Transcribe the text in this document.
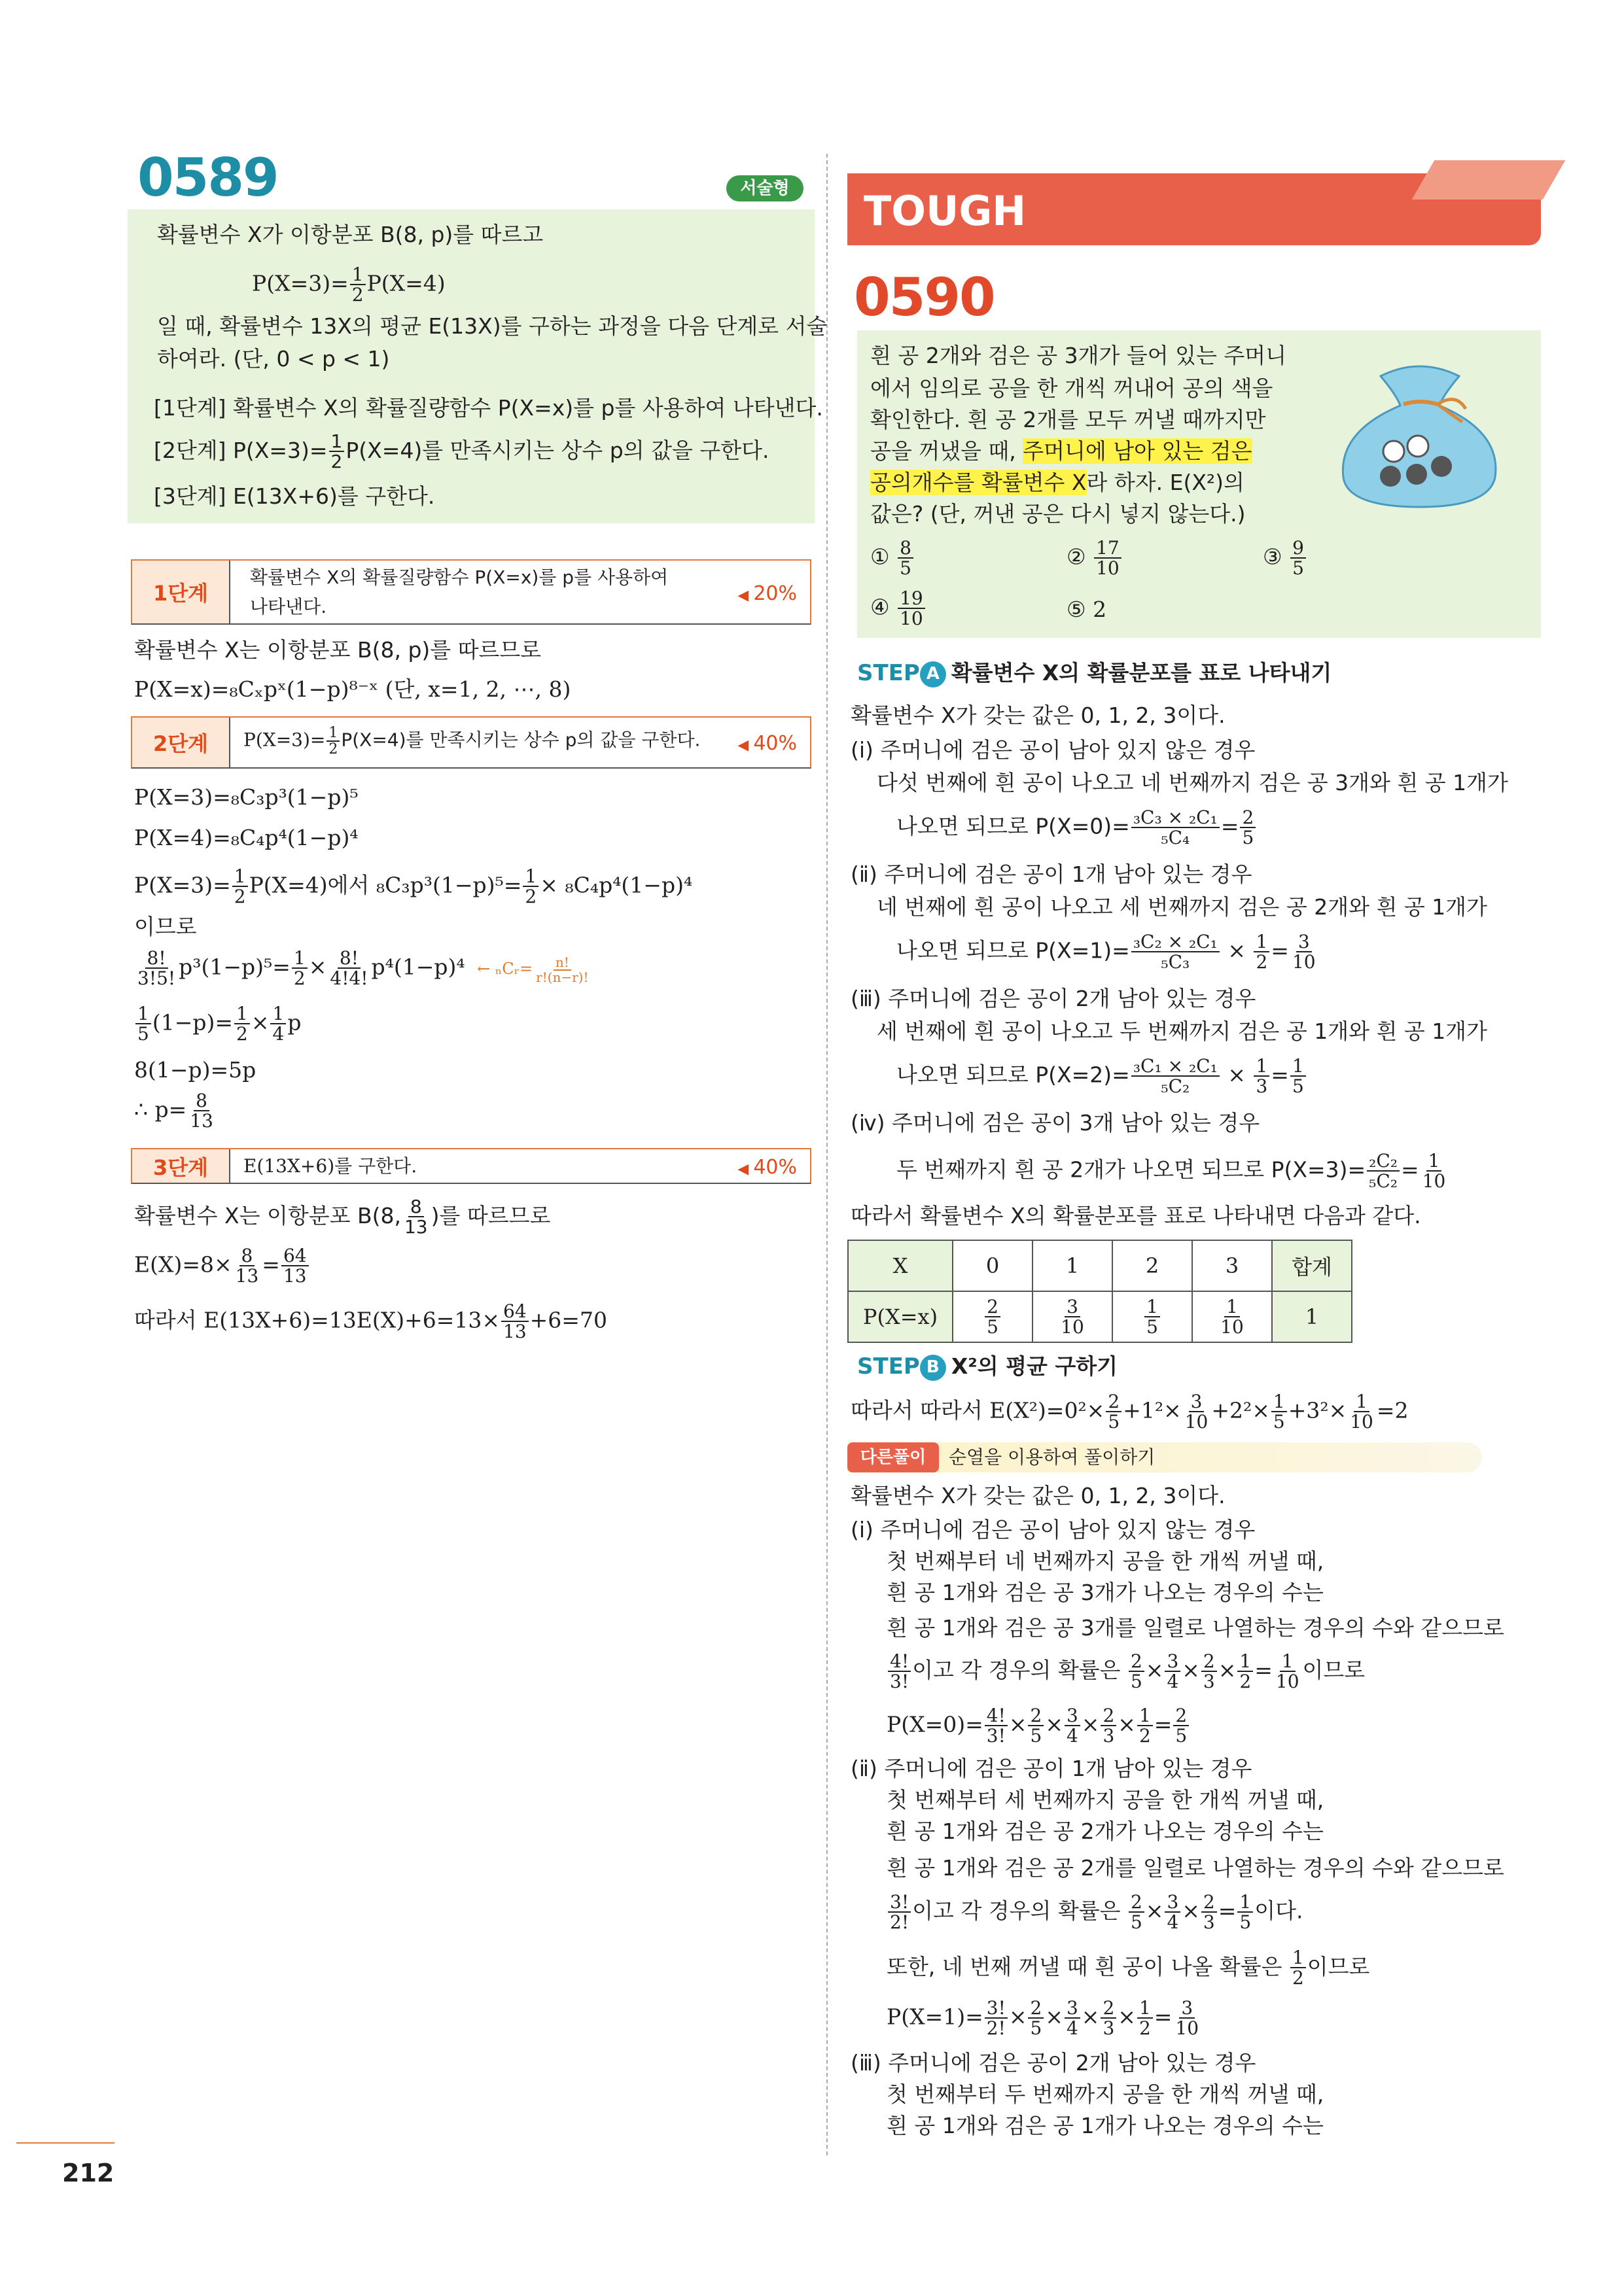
0589	서술형
확률변수 X가 이항분포 B(8, p)를 따르고
$P(X=3)= \frac{1}{2} P(X=4)$
일 때, 확률변수 13X의 평균 E(13X)를 구하는 과정을 다음 단계로 서술
하여라. (단, 0 < p < 1)
[1단계] 확률변수 X의 확률질량함수 P(X=x)를 p를 사용하여 나타낸다.
[2단계] $P(X=3)= \frac{1}{2} P(X=4)$를 만족시키는 상수 p의 값을 구한다.
[3단계] E(13X+6)를 구한다.
1단계
확률변수 X의 확률질량함수 P(X=x)를 p를 사용하여
나타낸다.
◀ 20%
확률변수 X는 이항분포 B(8, p)를 따르므로
P(X=x)=₈Cₓpˣ(1−p)⁸⁻ˣ (단, x=1, 2, ⋯, 8)
2단계	$P(X=3)= \frac{1}{2} P(X=4)$를 만족시키는 상수 p의 값을 구한다.	◀ 40%
P(X=3)=₈C₃p³(1−p)⁵
P(X=4)=₈C₄p⁴(1−p)⁴
$P(X=3)= \frac{1}{2} P(X=4)$에서 $_8C_3p^3(1-p)^5= \frac{1}{2} \times _8C_4p^4(1-p)^4$
이므로
$\frac{8!}{3!5!} p^3(1-p)^5= \frac{1}{2} \times \frac{8!}{4!4!} p^4(1-p)^4$ ← ₙCᵣ= $\frac{n!}{r!(n-r)!}$
$\frac{1}{5} (1-p)= \frac{1}{2} \times \frac{1}{4}$ p
8(1−p)=5p
∴ $p= \frac{8}{13}$
3단계	E(13X+6)를 구한다.	◀ 40%
확률변수 X는 이항분포 B(8, $\frac{8}{13}$ )를 따르므로
$E(X)=8\times \frac{8}{13} = \frac{64}{13}$
따라서 $E(13X+6)=13E(X)+6=13\times \frac{64}{13} +6=70$
212
TOUGH
0590
흰 공 2개와 검은 공 3개가 들어 있는 주머니
에서 임의로 공을 한 개씩 꺼내어 공의 색을
확인한다. 흰 공 2개를 모두 꺼낼 때까지만
공을 꺼냈을 때, 주머니에 남아 있는 검은
공의개수를 확률변수 X라 하자. E(X²)의
값은? (단, 꺼낸 공은 다시 넣지 않는다.)
① $\frac{8}{5}$	② $\frac{17}{10}$	③ $\frac{9}{5}$
④ $\frac{19}{10}$	⑤ 2
STEP A 확률변수 X의 확률분포를 표로 나타내기
확률변수 X가 갖는 값은 0, 1, 2, 3이다.
(ⅰ) 주머니에 검은 공이 남아 있지 않은 경우
다섯 번째에 흰 공이 나오고 네 번째까지 검은 공 3개와 흰 공 1개가
나오면 되므로 $P(X=0)= \frac{\text{₃C₃ × ₂C₁}}{\text{₅C₄}} = \frac{2}{5}$
(ⅱ) 주머니에 검은 공이 1개 남아 있는 경우
네 번째에 흰 공이 나오고 세 번째까지 검은 공 2개와 흰 공 1개가
나오면 되므로 $P(X=1)= \frac{\text{₃C₂ × ₂C₁}}{\text{₅C₃}} \times \frac{1}{2} = \frac{3}{10}$
(ⅲ) 주머니에 검은 공이 2개 남아 있는 경우
세 번째에 흰 공이 나오고 두 번째까지 검은 공 1개와 흰 공 1개가
나오면 되므로 $P(X=2)= \frac{\text{₃C₁ × ₂C₁}}{\text{₅C₂}} \times \frac{1}{3} = \frac{1}{5}$
(ⅳ) 주머니에 검은 공이 3개 남아 있는 경우
두 번째까지 흰 공 2개가 나오면 되므로 $P(X=3)= \frac{\text{₂C₂}}{\text{₅C₂}} = \frac{1}{10}$
따라서 확률변수 X의 확률분포를 표로 나타내면 다음과 같다.
X	0	1	2	3	합계
P(X=x)	$\frac{2}{5}$	$\frac{3}{10}$	$\frac{1}{5}$	$\frac{1}{10}$	1
STEP B X²의 평균 구하기
따라서 따라서 $E(X^2)=0^2\times \frac{2}{5} +1^2\times \frac{3}{10} +2^2\times \frac{1}{5} +3^2\times \frac{1}{10} =2$
다른풀이	순열을 이용하여 풀이하기
확률변수 X가 갖는 값은 0, 1, 2, 3이다.
(ⅰ) 주머니에 검은 공이 남아 있지 않는 경우
첫 번째부터 네 번째까지 공을 한 개씩 꺼낼 때,
흰 공 1개와 검은 공 3개가 나오는 경우의 수는
흰 공 1개와 검은 공 3개를 일렬로 나열하는 경우의 수와 같으므로
$\frac{4!}{3!}$ 이고 각 경우의 확률은 $\frac{2}{5} \times \frac{3}{4} \times \frac{2}{3} \times \frac{1}{2} = \frac{1}{10}$ 이므로
$P(X=0)= \frac{4!}{3!} \times \frac{2}{5} \times \frac{3}{4} \times \frac{2}{3} \times \frac{1}{2} = \frac{2}{5}$
(ⅱ) 주머니에 검은 공이 1개 남아 있는 경우
첫 번째부터 세 번째까지 공을 한 개씩 꺼낼 때,
흰 공 1개와 검은 공 2개가 나오는 경우의 수는
흰 공 1개와 검은 공 2개를 일렬로 나열하는 경우의 수와 같으므로
$\frac{3!}{2!}$ 이고 각 경우의 확률은 $\frac{2}{5} \times \frac{3}{4} \times \frac{2}{3} = \frac{1}{5}$ 이다.
또한, 네 번째 꺼낼 때 흰 공이 나올 확률은 $\frac{1}{2}$ 이므로
$P(X=1)= \frac{3!}{2!} \times \frac{2}{5} \times \frac{3}{4} \times \frac{2}{3} \times \frac{1}{2} = \frac{3}{10}$
(ⅲ) 주머니에 검은 공이 2개 남아 있는 경우
첫 번째부터 두 번째까지 공을 한 개씩 꺼낼 때,
흰 공 1개와 검은 공 1개가 나오는 경우의 수는
